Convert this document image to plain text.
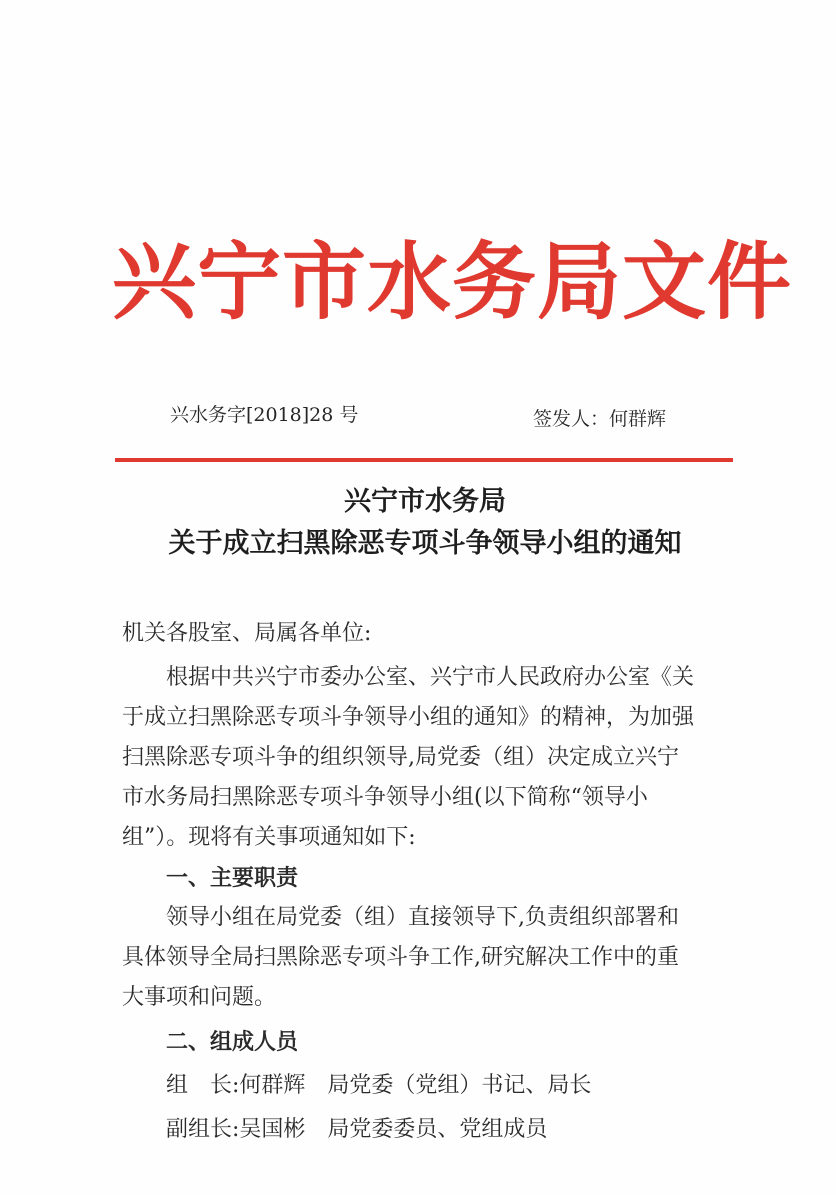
兴宁市水务局文件
兴水务字[2018]28 号	签发人：何群辉
兴宁市水务局
关于成立扫黑除恶专项斗争领导小组的通知
机关各股室、局属各单位:
　　根据中共兴宁市委办公室、兴宁市人民政府办公室《关
于成立扫黑除恶专项斗争领导小组的通知》的精神，为加强
扫黑除恶专项斗争的组织领导,局党委（组）决定成立兴宁
市水务局扫黑除恶专项斗争领导小组(以下简称“领导小
组”）。现将有关事项通知如下:
　　一、主要职责
　　领导小组在局党委（组）直接领导下,负责组织部署和
具体领导全局扫黑除恶专项斗争工作,研究解决工作中的重
大事项和问题。
　　二、组成人员
　　组　长:何群辉　局党委（党组）书记、局长
　　副组长:吴国彬　局党委委员、党组成员
